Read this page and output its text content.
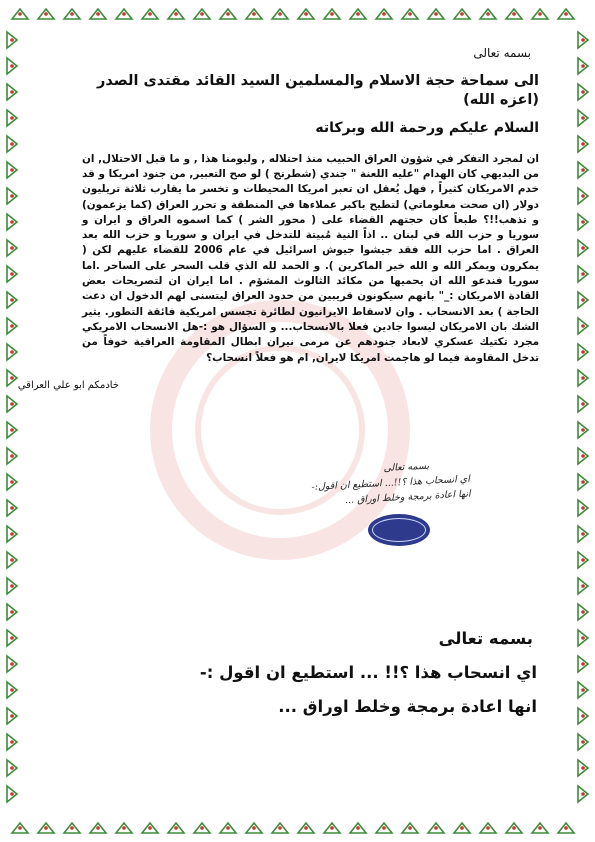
بسمه تعالى
الى سماحة حجة الاسلام والمسلمين السيد القائد مقتدى الصدر (اعزه الله)
السلام عليكم ورحمة الله وبركاته
ان لمجرد التفكر في شؤون العراق الحبيب منذ احتلاله , وليومنا هذا , و ما قبل الاحتلال, ان من البديهي كان الهدام "عليه اللعنة " جندي (شطرنج ) لو صح التعبير, من جنود امريكا و قد خدم الامريكان كثيراً , فهل يُعقل ان تعبر امريكا المحيطات و تخسر ما يقارب ثلاثة تريليون دولار (ان صحت معلوماتي) لتطيح باكبر عملاءها في المنطقة و تحرر العراق (كما يزعمون) و تذهب!!؟ طبعاً كان حجتهم القضاء على ( محور الشر ) كما اسموه العراق و ايران و سوريا و حزب الله في لبنان .. اذاً النية مُبيتة للتدخل في ايران و سوريا و حزب الله بعد العراق . اما حزب الله فقد جيشوا جيوش اسرائيل في عام 2006 للقضاء عليهم لكن ( يمكرون ويمكر الله و الله خير الماكرين ). و الحمد لله الذي قلب السحر على الساحر .اما سوريا فندعو الله ان يحميها من مكائد الثالوث المشؤم . اما ايران ان لتصريحات بعض القادة الامريكان :_" بانهم سيكونون قريبين من حدود العراق ليتسنى لهم الدخول ان دعت الحاجة ) بعد الانسحاب . وان لاسقاط الايرانيون لطائرة تجسس امريكية فائقة التطور. يثير الشك بان الامريكان ليسوا جادين فعلا بالانسحاب... و السؤال هو :-هل الانسحاب الامريكي مجرد تكتيك عسكري لابعاد جنودهم عن مرمى نيران ابطال المقاومة العراقية خوفاً من تدخل المقاومة فيما لو هاجمت امريكا لايران, ام هو فعلاً انسحاب؟
خادمكم ابو علي العراقي
بسمه تعالى
اي انسحاب هذا ؟!!... استطيع ان اقول:-
انها اعادة برمجة وخلط اوراق ...
بسمه تعالى
اي انسحاب هذا ؟!! ... استطيع ان اقول :-
انها اعادة برمجة وخلط اوراق ...
